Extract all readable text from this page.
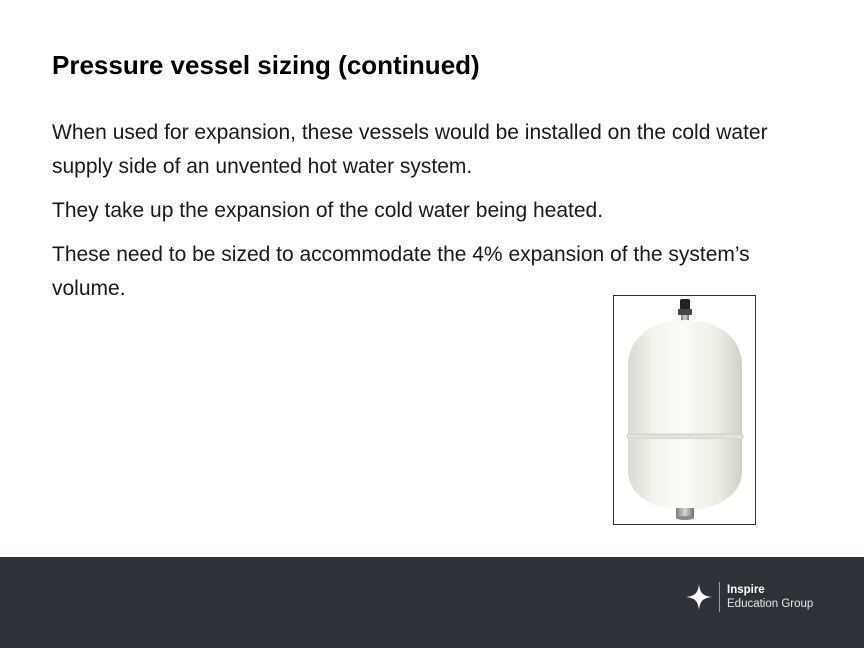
Pressure vessel sizing (continued)

When used for expansion, these vessels would be installed on the cold water supply side of an unvented hot water system.

They take up the expansion of the cold water being heated.

These need to be sized to accommodate the 4% expansion of the system’s volume.

Inspire
Education Group
